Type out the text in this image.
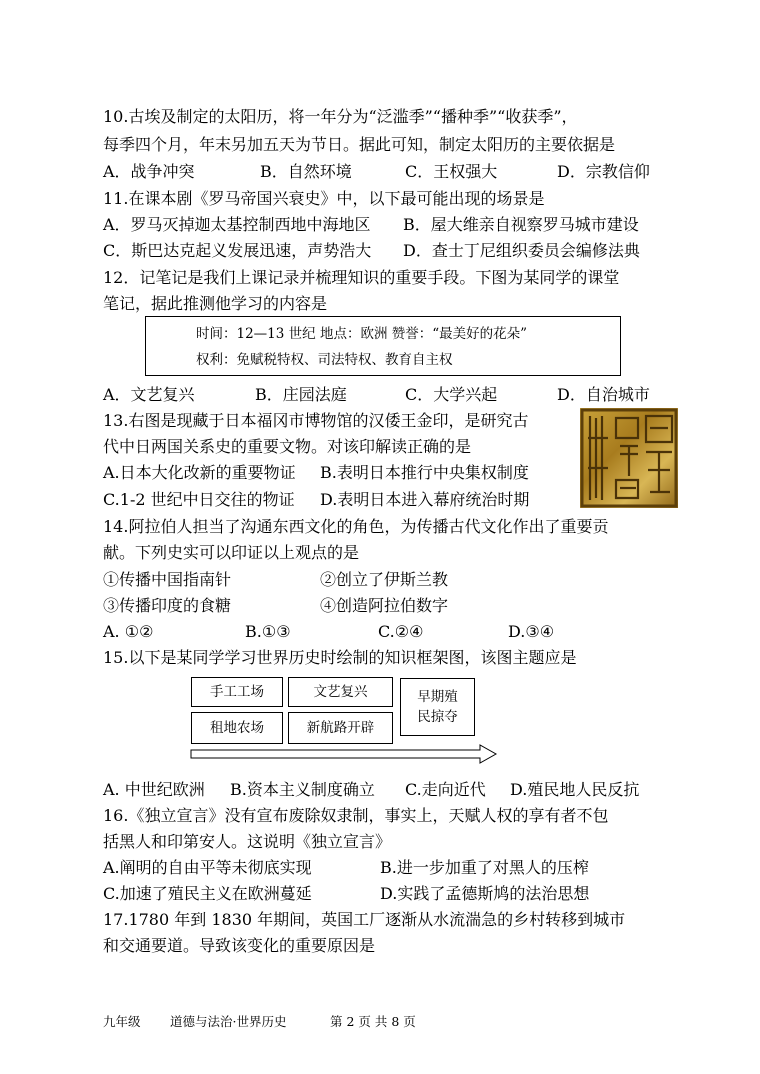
10.古埃及制定的太阳历，将一年分为“泛滥季”“播种季”“收获季”，
每季四个月，年末另加五天为节日。据此可知，制定太阳历的主要依据是
A．战争冲突	B．自然环境	C．王权强大	D．宗教信仰
11.在课本剧《罗马帝国兴衰史》中，以下最可能出现的场景是
A．罗马灭掉迦太基控制西地中海地区 B．屋大维亲自视察罗马城市建设
C．斯巴达克起义发展迅速，声势浩大 D．查士丁尼组织委员会编修法典
12．记笔记是我们上课记录并梳理知识的重要手段。下图为某同学的课堂
笔记，据此推测他学习的内容是
时间：12—13 世纪 地点：欧洲 赞誉：“最美好的花朵”
权利：免赋税特权、司法特权、教育自主权
A．文艺复兴	B．庄园法庭	C．大学兴起	D．自治城市
13.右图是现藏于日本福冈市博物馆的汉倭王金印，是研究古
代中日两国关系史的重要文物。对该印解读正确的是
A.日本大化改新的重要物证 B.表明日本推行中央集权制度
C.1-2 世纪中日交往的物证 D.表明日本进入幕府统治时期
14.阿拉伯人担当了沟通东西文化的角色，为传播古代文化作出了重要贡
献。下列史实可以印证以上观点的是
①传播中国指南针	②创立了伊斯兰教
③传播印度的食糖	④创造阿拉伯数字
A. ①②	B.①③	C.②④	D.③④
15.以下是某同学学习世界历史时绘制的知识框架图，该图主题应是
手工工场	文艺复兴
租地农场	新航路开辟
早期殖
民掠夺
A. 中世纪欧洲 B.资本主义制度确立 C.走向近代 D.殖民地人民反抗
16.《独立宣言》没有宣布废除奴隶制，事实上，天赋人权的享有者不包
括黑人和印第安人。这说明《独立宣言》
A.阐明的自由平等未彻底实现	B.进一步加重了对黑人的压榨
C.加速了殖民主义在欧洲蔓延	D.实践了孟德斯鸠的法治思想
17.1780 年到 1830 年期间，英国工厂逐渐从水流湍急的乡村转移到城市
和交通要道。导致该变化的重要原因是
九年级 道德与法治·世界历史	第 2 页 共 8 页
